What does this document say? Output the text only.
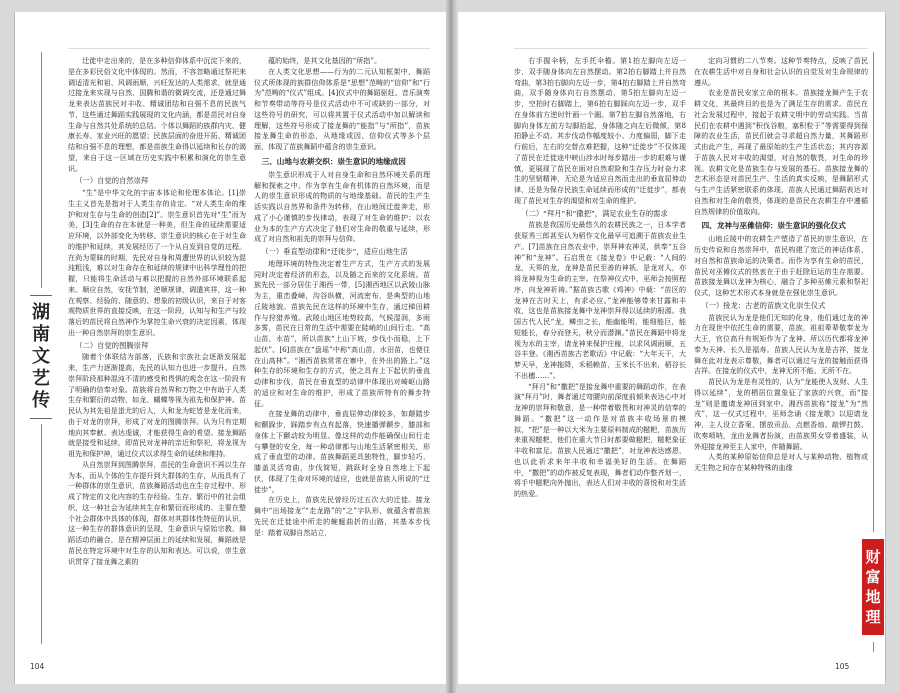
湖南文艺传

迁徙中走出来的，是在多种信仰体系中沉淀下来的，是在多彩民俗文化中体现的。然而，不容忽略通过祭祀来调适清光和祖、风调雨顺，兴旺发达的人类需求，就是通过接龙来实现与自然、国腾和谐的微调交流，还是通过舞龙来表达苗族民对丰收、精诚团结和自强不息的民族气节，这些通过舞蹈实践展现的文化内涵，都是苗民对自身生命与自然共处系统的总结。个体以舞蹈的族群内灾、健康长寿、家业兴旺的愿望；民族层面的奋进开拓、精诚团结和自强不息的理想，都是苗族生命得以延续和长存的渴望，来自于这一区域在历史实践中积累和演化的崇生意识。

（一）自觉的自然崇拜

“生”是中华文化的宇宙本体论和伦理本体论。[1]崇生主义首先是指对于人类生存的肯定。“对人类生命的维护和对生存与生命的创造[2]”。崇生意识首先对“生”而为美，[3]生命的存在本就是一种美，但生命的延续需要适应环境，以外部变化为转移。崇生意识的核心在于对生命的维护和延续，其发展经历了一个从自发到自觉的过程。在尚为蒙昧的时期，先民对自身和周遭世界的认识较为混沌粗浅，难以对生命存在和延续的规律中出科学理性的把握，只能将生命活动与难以把握的自然外部环境联系起来。顺应自然，安抚节制，逆顺规律，调遣宾祥，这一种在观察、经验的、随意的、想象的初级认识，来自于对客观物质世界的直接反映，在这一阶段，认知与和生产与较落后的苗民将自然神作为掌控生命兴衰的决定因素，体现出一种自然崇拜的崇生意识。

（二）自觉的图腾崇拜

随着个体联结为部落，氏族和宗族社会逐渐发展起来，生产力逐渐提高，先民的认知力也进一步提升。自然崇拜阶段那种混沌不清的感受和畏惧的观念在这一阶段有了明确的信奉对象。苗族将自然界和万物之中有助于人类生存和繁衍的动物，如龙、蝴蝶等视为祖先和保护神。苗民认为其先祖是蚩尤的后人，人和龙为蛇皆是龙化而来，由于对龙的崇拜，形成了对龙的图腾崇拜。认为只有定期地向其奉献、表达虔诚，才能获得生命的希望。接龙舞蹈就是接受和延续，即苗民对龙神的亲近和祭祀，将龙视为祖先和保护神，通过仪式以求得生命的延续和维持。

从自然崇拜到图腾崇拜，苗民的生命意识不再以生存为本，而从个体的生存提升到大群体的生存，从而具有了一种群体的崇生意识，苗族舞蹈活动也在生存过程中，形成了特定的文化内容的生存经验。生存、繁衍中的社会组织，这一种社会为延续其生存和繁衍而形成的、主要在整个社会群体中具体的体现，群体对其群体性特征的认识，这一种生存的群体意识的呈现，生命意识与原始宗教、舞蹈活动的融合，是在精神层面上的延续和发展，舞蹈就是苗民在特定环境中对生存的认知和表达。可以说，崇生意识贯穿了接龙舞之素的

蕴的始终，是其文化基因的“所指”。

在人类文化思想——行为的二元认知框架中，舞蹈仪式所体现的族群信仰体系是“思想”范畴的“信仰”和“行为”范畴的“仪式”组成。[4]仪式中的舞蹈驱赶、音乐演奏和节奏带动等符号是仪式活动中不可或缺的一部分，对这些符号的研究，可以将其置于仪式活动中加以解读和理解，这些符号形成了接龙舞的“能指”与“所指”，苗族接龙舞生命的形态，从地缘或因、信仰仪式等多个层面，体现了苗族舞蹈中蕴含的崇生意识。

三、山地与农耕交织：崇生意识的地缘成因

崇生意识形成于人对自身生命和自然环境关系的理解和探索之中。作为享有生命有机体的自然环境，而是人的崇生意识形成的物质的与地缘基础。苗民的生产生活实践以自然界和条件为转移，在山地间迁徙奔走，形成了小心谨慎的步伐律动，表现了对生命的维护；以农业为本的生产方式决定了他们对生命的敬重与延续，形成了对自然和祖先的崇拜与信仰。

（一）垂直型动律和“迁徙步”，适应山地生活

地理环境的特性决定着生产方式，生产方式的发展同时决定着经济的形态，以及随之而来的文化系统。苗族先民一部分居住于湘西一带，[5]湘西地区以武陵山脉为主，重峦叠嶂，沟谷纵横，河流密布，是典型的山地丘陵地貌。苗族先民在这样的环境中生存，通过梯田耕作与狩猎养殖。武陵山地区地势较高，气候湿润，多雨多雾，苗民在日常的生活中需要在陡峭的山间行走。“高山苗，水苗”，所以苗族“上山下坡，步伐小而稳，上下起伏”。[6]苗族在“盘瑶”中称“高山苗，水田苗，也便住在山高林”。“湘西苗族常常在寨中，在外出的路上。”这种生存的环境和生存的方式，使之具有上下起伏的垂直动律和步伐，苗民在垂直型的动律中体现出对崎岖山路的适应和对生命的维护，形成了苗族所特有的舞步特征。

在接龙舞的动律中，垂直屈伸动律较多，如颠踏步和颤跺步，踩踏步有点有起落，快速播弹颤步，膝部和身体上下颤动较为明显。像这样的动作能确保山间行走与攀登的安全，每一种动律都与山地生活紧密相关，形成了垂直型的动律。苗族舞蹈更具独特性，脚步轻巧，膝盖灵活弯曲，步伐简短，跳跃时全身自然地上下起伏，体现了生命对环境的适应，也就是苗族人所说的“迁徙步”。

在历史上，苗族先民曾经历过五次大的迁徙。接龙舞中“出场接龙”“走龙路”的“之”字队形，就蕴含着苗族先民在迁徙途中所走的蜿蜒曲折的山路，其基本步伐是：踏着双脚自然站立，

104

右手握伞柄，左手托伞檐。第1拍左脚向左迈一步，双手随身体向左自然摆动。第2拍右脚踏上并自然弯曲，第3拍右脚向左迈一步，第4拍右脚踏上并自然弯曲，双手随身体向右自然摆动，第5拍左脚向左迈一步，空拍时右脚踏上，第6拍右脚踩向左迈一步，双手在身体前方逆时针画一个圈。第7拍左脚自然落地，右脚向身体左前方勾脚抬起，身体随之向左后微倾，第8拍静止不动。其步伐动作幅度较小、力度偏弱，脚下走行前后，左右的交替点难把握，这种“迁徙步”不仅体现了苗民在迁徙途中峡山涉水时每步踏出一步的艰难与谨慎，更展现了苗民在面对自然艰险和生存压力时奋力求生的坚韧精神，无论是为适应自然而走出的垂直屈伸动律，还是为保存民族生命延续而形成的“迁徙步”，都表现了苗民对生存的渴望和对生命的维护。

（二）“拜月”和“撒把”，满足农业生存的需求

苗族是我国历史最悠久的农耕民族之一，日本学者获原秀三郎甚至认为稻作文化最早可追溯于苗族农业生产。[7]苗族在自然农业中，崇拜神农神灵，供奉“五谷神”和“龙神”。石启贵在《接龙卷》中记载：“人间的龙，天界的龙，龙神是苗民至善的神祇，是龙对人，亦将龙神视为生命的主宰。在祭神仪式中，巫师会按照程序，向龙神祈祷。”据苗族古歌《鸡神》中载：“苗区的龙神在古时天上，有求必应。”龙神能够带来甘露和丰收，这也是苗族接龙舞中龙神崇拜得以延续的根源。我国古代人民“龙，鳞虫之长，能幽能明，能细能巨，能短能长，春分而登天，秋分而潜渊。”苗民在舞蹈中将龙视为水的主宰，请龙神来保护庄稼，以求风调雨顺，五谷丰登。《湘西苗族古老歌话》中记载：“大年天干，大梦天早，龙神拖降，禾稻赖苗，玉米长不出来，稻谷长不出穗……”。

“拜月”和“撒把”是接龙舞中重要的舞蹈动作，在表演“拜月”时，舞者通过弯腰向前深度前倾来表达心中对龙神的崇拜和敬意，是一种带着敬畏和对神灵的信奉的舞蹈。“撒把”这一动作是对苗族丰收场景的模拟，“把”是一种以大米为主要原料制成的糍粑，苗族历来重视糍粑，他们在重大节日时都要做糍粑，糍粑象征丰收和富足。苗族人民通过“撒把”，对龙神表达感恩，也以此祈求来年丰收和幸福美好的生活。在舞蹈中，“撒把”的动作被反复表现，舞者们动作整齐划一，将手中糍粑向外抛出，表达人们对丰收的喜悦和对生活的热爱。

定向习惯的二八节奏。这种节奏特点，反映了苗民在农耕生活中对自身和社会认识的自觉及对生命规律的遵从。

农业是苗民安家立命的根本。苗族接龙舞产生于农耕文化，其最终目的也是为了满足生存的需求。苗民在社会发展过程中，接起于农耕文明中的劳动实践。当苗民们在农耕中遇到“积伐谷粮，塞积粒于”等需要得到保障的农业生活，苗民们就会寻求超自然力量，其舞蹈形式由此产生，再现了最原始的生产生活状态；其内容源于苗族人民对丰收的渴望，对自然的敬畏，对生命的珍视。农耕文化是苗族生存与发展的基石。苗族接龙舞的艺术形态是对苗民生产、生活的真实反映，是舞蹈形式与生产生活紧密联系的体现，苗族人民通过舞蹈表达对自然和对生命的敬畏，体现的是苗民在农耕生存中遵循自然规律的价值取向。

四、龙神与巫傩信仰：崇生意识的强化仪式

山地丘陵中的农耕生产塑造了苗民的崇生意识，在历史传说和自然崇拜中，苗民构建了宽泛的神话体系，对自然和苗族命运的决策者。而作为享有生命的苗民，苗民对巫傩仪式的热衷在于由于赶除厄运的生存需要。苗族接龙舞以龙神为核心，融合了多种巫傩元素和祭祀仪式，这种艺术形式本身就是在强化崇生意识。

（一）接龙：古老的苗族文化崇生仪式

苗族民认为龙是他们无知的化身，他们通过龙的神力在现世中依托生命的需要，苗族，祖祖辈辈敬奉龙为大王，官位高升有规矩作为了龙神。所以历代都将龙神奉为天神、长久是福寿。苗族人民认为龙是吉祥，接龙舞在此对龙表示尊敬，舞者可以通过与龙的接触而获得吉祥。在接龙的仪式中，龙神无所不能、无所不在。

苗民认为龙是有灵性的，认为“龙能使人发财、人生得以延续”，龙的栖居位置象征了家族的兴衰，而“接龙”则是邀请龙神回到家中。湘西苗族称“接龙”为“然戎”，这一仪式过程中，巫师念诵《接龙歌》以迎请龙神，主人设立香案、摆放贡品、点燃香烛、敲锣打鼓、吹奏唢呐，龙由龙舞者扮演，由苗族男女穿着盛装，从外迎接龙神至主人家中，伴随舞蹈。

人类的某种原始信仰总是对人与某种动物、植物或无生物之间存在某种特殊的血缘

财富地理
105
